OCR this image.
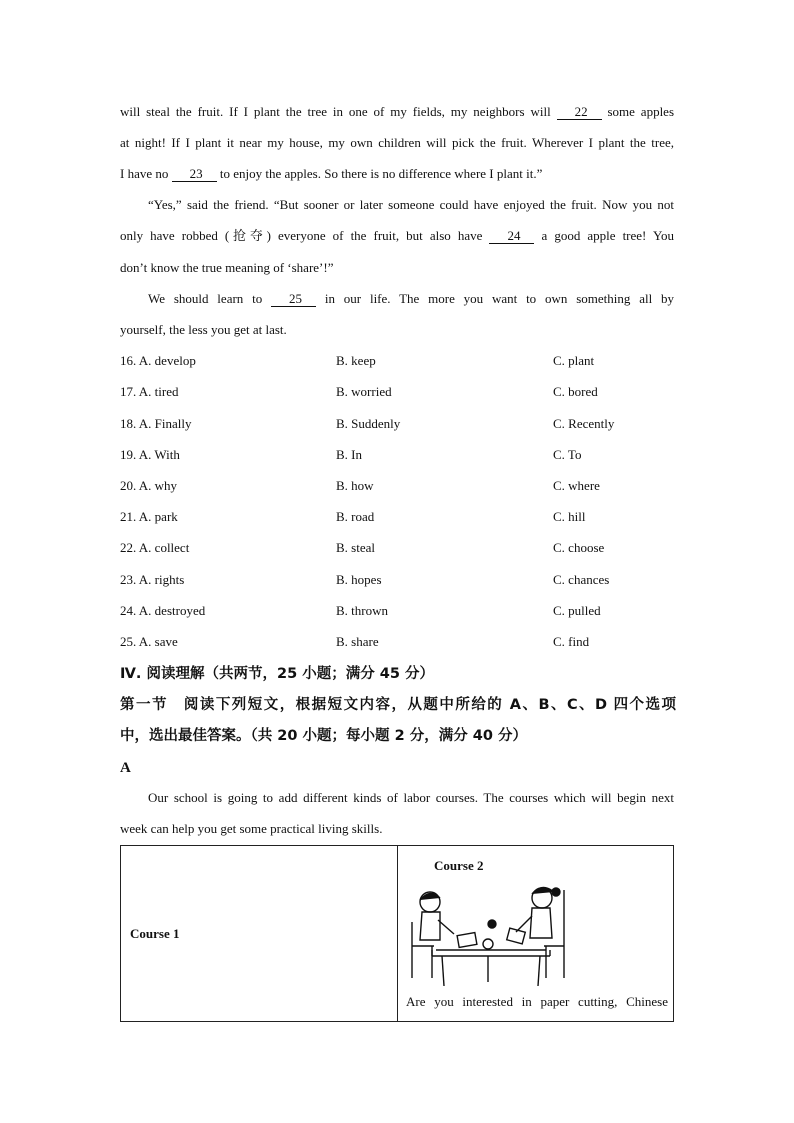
will steal the fruit. If I plant the tree in one of my fields, my neighbors will 22 some apples
at night! If I plant it near my house, my own children will pick the fruit. Wherever I plant the tree,
I have no 23 to enjoy the apples. So there is no difference where I plant it.”
“Yes,” said the friend. “But sooner or later someone could have enjoyed the fruit. Now you not
only have robbed (抢夺) everyone of the fruit, but also have 24 a good apple tree! You
don’t know the true meaning of ‘share’!”
We should learn to 25 in our life. The more you want to own something all by
yourself, the less you get at last.
16. A. develop	B. keep	C. plant
17. A. tired	B. worried	C. bored
18. A. Finally	B. Suddenly	C. Recently
19. A. With	B. In	C. To
20. A. why	B. how	C. where
21. A. park	B. road	C. hill
22. A. collect	B. steal	C. choose
23. A. rights	B. hopes	C. chances
24. A. destroyed	B. thrown	C. pulled
25. A. save	B. share	C. find
Ⅳ. 阅读理解（共两节，25 小题；满分 45 分）
第一节　阅读下列短文，根据短文内容，从题中所给的 A、B、C、D 四个选项
中，选出最佳答案。（共 20 小题；每小题 2 分，满分 40 分）
A
Our school is going to add different kinds of labor courses. The courses which will begin next
week can help you get some practical living skills.
Course 1

Course 2
Are you interested in paper cutting, Chinese
